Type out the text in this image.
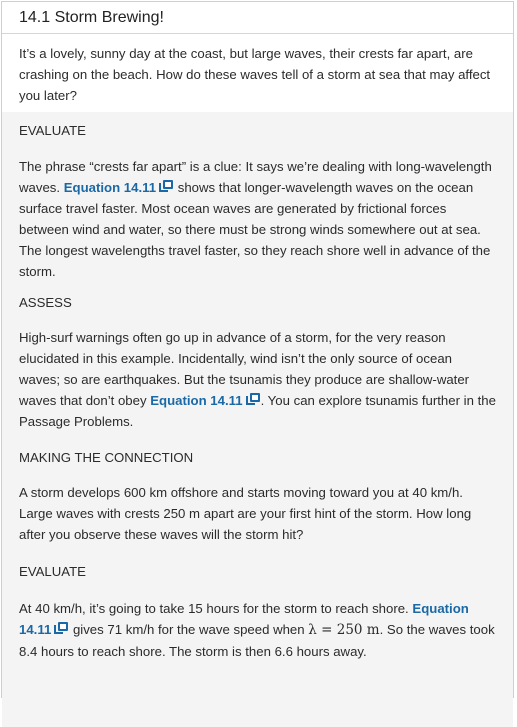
14.1 Storm Brewing!
It’s a lovely, sunny day at the coast, but large waves, their crests far apart, are crashing on the beach. How do these waves tell of a storm at sea that may affect you later?
EVALUATE
The phrase “crests far apart” is a clue: It says we’re dealing with long-wavelength waves. Equation 14.11 shows that longer-wavelength waves on the ocean surface travel faster. Most ocean waves are generated by frictional forces between wind and water, so there must be strong winds somewhere out at sea. The longest wavelengths travel faster, so they reach shore well in advance of the storm.
ASSESS
High-surf warnings often go up in advance of a storm, for the very reason elucidated in this example. Incidentally, wind isn’t the only source of ocean waves; so are earthquakes. But the tsunamis they produce are shallow-water waves that don’t obey Equation 14.11 . You can explore tsunamis further in the Passage Problems.
MAKING THE CONNECTION
A storm develops 600 km offshore and starts moving toward you at 40 km/h. Large waves with crests 250 m apart are your first hint of the storm. How long after you observe these waves will the storm hit?
EVALUATE
At 40 km/h, it’s going to take 15 hours for the storm to reach shore. Equation 14.11 gives 71 km/h for the wave speed when λ = 250 m. So the waves took 8.4 hours to reach shore. The storm is then 6.6 hours away.
